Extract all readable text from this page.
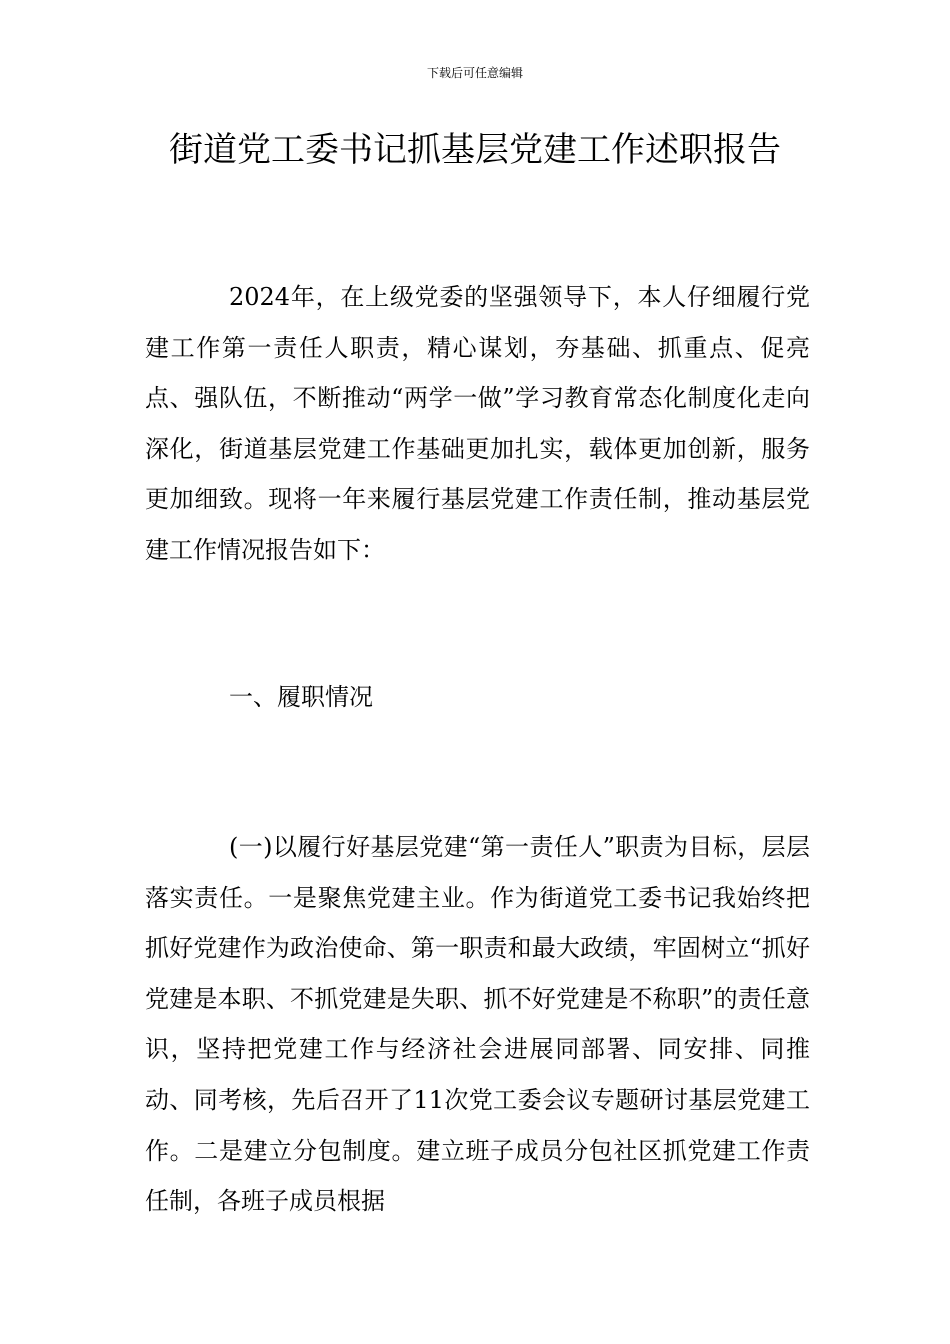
下载后可任意编辑
街道党工委书记抓基层党建工作述职报告

2024年，在上级党委的坚强领导下，本人仔细履行党建工作第一责任人职责，精心谋划，夯基础、抓重点、促亮点、强队伍，不断推动“两学一做”学习教育常态化制度化走向深化，街道基层党建工作基础更加扎实，载体更加创新，服务更加细致。现将一年来履行基层党建工作责任制，推动基层党建工作情况报告如下：

一、履职情况

(一)以履行好基层党建“第一责任人”职责为目标，层层落实责任。一是聚焦党建主业。作为街道党工委书记我始终把抓好党建作为政治使命、第一职责和最大政绩，牢固树立“抓好党建是本职、不抓党建是失职、抓不好党建是不称职”的责任意识，坚持把党建工作与经济社会进展同部署、同安排、同推动、同考核，先后召开了11次党工委会议专题研讨基层党建工作。二是建立分包制度。建立班子成员分包社区抓党建工作责任制，各班子成员根据
